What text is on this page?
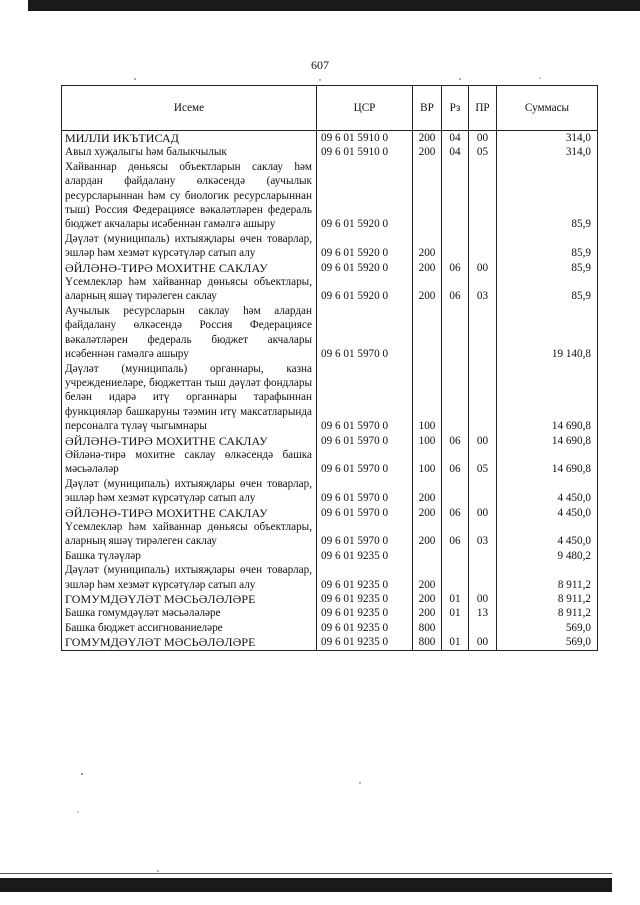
607
Исеме	ЦСР	ВР	Рз	ПР	Суммасы
МИЛЛИ ИКЪТИСАД	09 6 01 5910 0	200	04	00	314,0
Авыл хуҗалыгы һәм балыкчылык	09 6 01 5910 0	200	04	05	314,0
Хайваннар дөньясы объектларын саклау һәм алардан файдалану өлкәсендә (аучылык ресурсларыннан һәм су биологик ресурсларыннан тыш) Россия Федерациясе вәкаләтләрен федераль бюджет акчалары исәбеннән гамәлгә ашыру	09 6 01 5920 0				85,9
Дәүләт (муниципаль) ихтыяҗлары өчен товарлар, эшләр һәм хезмәт күрсәтүләр сатып алу	09 6 01 5920 0	200			85,9
ӘЙЛӘНӘ-ТИРӘ МОХИТНЕ САКЛАУ	09 6 01 5920 0	200	06	00	85,9
Үсемлекләр һәм хайваннар дөньясы объектлары, аларның яшәү тирәлеген саклау	09 6 01 5920 0	200	06	03	85,9
Аучылык ресурсларын саклау һәм алардан файдалану өлкәсендә Россия Федерациясе вәкаләтләрен федераль бюджет акчалары исәбеннән гамәлгә ашыру	09 6 01 5970 0				19 140,8
Дәүләт (муниципаль) органнары, казна учреждениеләре, бюджеттан тыш дәүләт фондлары белән идарә итү органнары тарафыннан функцияләр башкаруны тәэмин итү максатларында персоналга түләү чыгымнары	09 6 01 5970 0	100			14 690,8
ӘЙЛӘНӘ-ТИРӘ МОХИТНЕ САКЛАУ	09 6 01 5970 0	100	06	00	14 690,8
Әйләнә-тирә мохитне саклау өлкәсендә башка мәсьәләләр	09 6 01 5970 0	100	06	05	14 690,8
Дәүләт (муниципаль) ихтыяҗлары өчен товарлар, эшләр һәм хезмәт күрсәтүләр сатып алу	09 6 01 5970 0	200			4 450,0
ӘЙЛӘНӘ-ТИРӘ МОХИТНЕ САКЛАУ	09 6 01 5970 0	200	06	00	4 450,0
Үсемлекләр һәм хайваннар дөньясы объектлары, аларның яшәү тирәлеген саклау	09 6 01 5970 0	200	06	03	4 450,0
Башка түләүләр	09 6 01 9235 0				9 480,2
Дәүләт (муниципаль) ихтыяҗлары өчен товарлар, эшләр һәм хезмәт күрсәтүләр сатып алу	09 6 01 9235 0	200			8 911,2
ГОМУМДӘҮЛӘТ МӘСЬӘЛӘЛӘРЕ	09 6 01 9235 0	200	01	00	8 911,2
Башка гомумдәүләт мәсьәләләре	09 6 01 9235 0	200	01	13	8 911,2
Башка бюджет ассигнованиеләре	09 6 01 9235 0	800			569,0
ГОМУМДӘҮЛӘТ МӘСЬӘЛӘЛӘРЕ	09 6 01 9235 0	800	01	00	569,0
